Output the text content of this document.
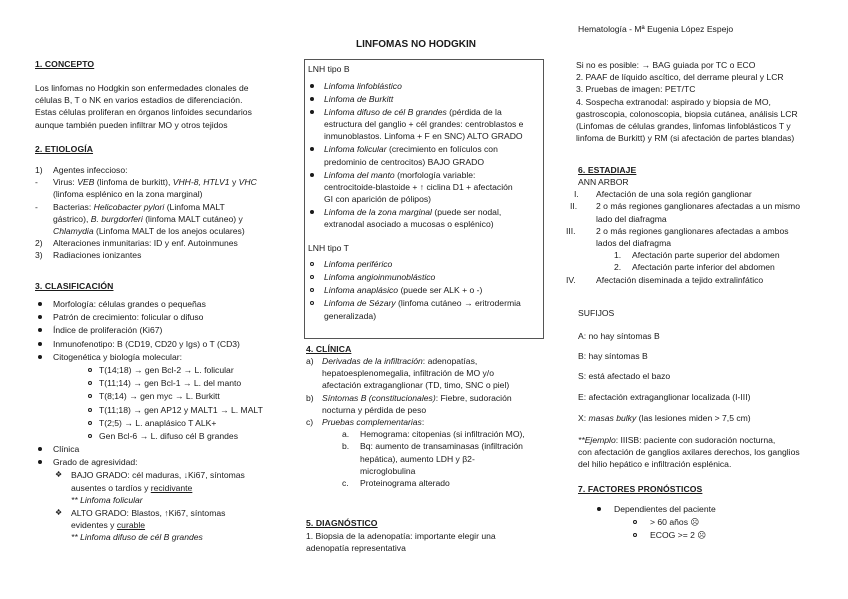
Hematología - Mª Eugenia López Espejo
LINFOMAS NO HODGKIN
1. CONCEPTO

Los linfomas no Hodgkin son enfermedades clonales de

células B, T o NK en varios estadios de diferenciación.

Estas células proliferan en órganos linfoides secundarios

aunque también pueden infiltrar MO y otros tejidos

2. ETIOLOGÍA
1) Agentes infeccioso:
- Virus: VEB (linfoma de burkitt), VHH-8, HTLV1 y VHC
(linfoma esplénico en la zona marginal)
- Bacterias: Helicobacter pylori (Linfoma MALT
gástrico), B. burgdorferi (linfoma MALT cutáneo) y
Chlamydia (Linfoma MALT de los anejos oculares)
2) Alteraciones inmunitarias: ID y enf. Autoinmunes
3) Radiaciones ionizantes
3. CLASIFICACIÓN
Morfología: células grandes o pequeñas
Patrón de crecimiento: folicular o difuso
Índice de proliferación (Ki67)
Inmunofenotipo: B (CD19, CD20 y Igs) o T (CD3)
Citogenética y biología molecular:
T(14;18) → gen Bcl-2 → L. folicular
T(11;14) → gen Bcl-1 → L. del manto
T(8;14) → gen myc → L. Burkitt
T(11;18) → gen AP12 y MALT1 → L. MALT
T(2;5) → L. anaplásico T ALK+
Gen Bcl-6 → L. difuso cél B grandes
Clínica
Grado de agresividad:
❖ BAJO GRADO: cél maduras, ↓Ki67, síntomas
ausentes o tardíos y recidivante
** Linfoma folicular
❖ ALTO GRADO: Blastos, ↑Ki67, síntomas
evidentes y curable
** Linfoma difuso de cél B grandes
LNH tipo B
Linfoma linfoblástico
Linfoma de Burkitt
Linfoma difuso de cél B grandes (pérdida de la
estructura del ganglio + cél grandes: centroblastos e
inmunoblastos. Linfoma + F en SNC) ALTO GRADO
Linfoma folicular (crecimiento en folículos con
predominio de centrocitos) BAJO GRADO
Linfoma del manto (morfología variable:
centrocitoide-blastoide + ↑ ciclina D1 + afectación
GI con aparición de pólipos)
Linfoma de la zona marginal (puede ser nodal,
extranodal asociado a mucosas o esplénico)
LNH tipo T
Linfoma periférico
Linfoma angioinmunoblástico
Linfoma anaplásico (puede ser ALK + o -)
Linfoma de Sézary (linfoma cutáneo → eritrodermia
generalizada)
4. CLÍNICA
a) Derivadas de la infiltración: adenopatías,
hepatoesplenomegalia, infiltración de MO y/o
afectación extraganglionar (TD, timo, SNC o piel)
b) Síntomas B (constitucionales): Fiebre, sudoración
nocturna y pérdida de peso
c) Pruebas complementarias:
a. Hemograma: citopenias (si infiltración MO),
b. Bq: aumento de transaminasas (infiltración
hepática), aumento LDH y β2-
microglobulina
c. Proteinograma alterado
5. DIAGNÓSTICO

1. Biopsia de la adenopatía: importante elegir una

adenopatía representativa

Si no es posible: → BAG guiada por TC o ECO

2. PAAF de líquido ascítico, del derrame pleural y LCR

3. Pruebas de imagen: PET/TC

4. Sospecha extranodal: aspirado y biopsia de MO,

gastroscopia, colonoscopia, biopsia cutánea, análisis LCR

(Linfomas de células grandes, linfomas linfoblásticos T y

linfoma de Burkitt) y RM (si afectación de partes blandas)

6. ESTADIAJE
ANN ARBOR
I. Afectación de una sola región ganglionar
II. 2 o más regiones ganglionares afectadas a un mismo
lado del diafragma
III. 2 o más regiones ganglionares afectadas a ambos
lados del diafragma
1. Afectación parte superior del abdomen
2. Afectación parte inferior del abdomen
IV. Afectación diseminada a tejido extralinfático
SUFIJOS
A: no hay síntomas B
B: hay síntomas B
S: está afectado el bazo
E: afectación extraganglionar localizada (I-III)
X: masas bulky (las lesiones miden > 7,5 cm)

**Ejemplo: IIISB: paciente con sudoración nocturna,

con afectación de ganglios axilares derechos, los ganglios

del hilio hepático e infiltración esplénica.

7. FACTORES PRONÓSTICOS
Dependientes del paciente
> 60 años ☹
ECOG >= 2 ☹
